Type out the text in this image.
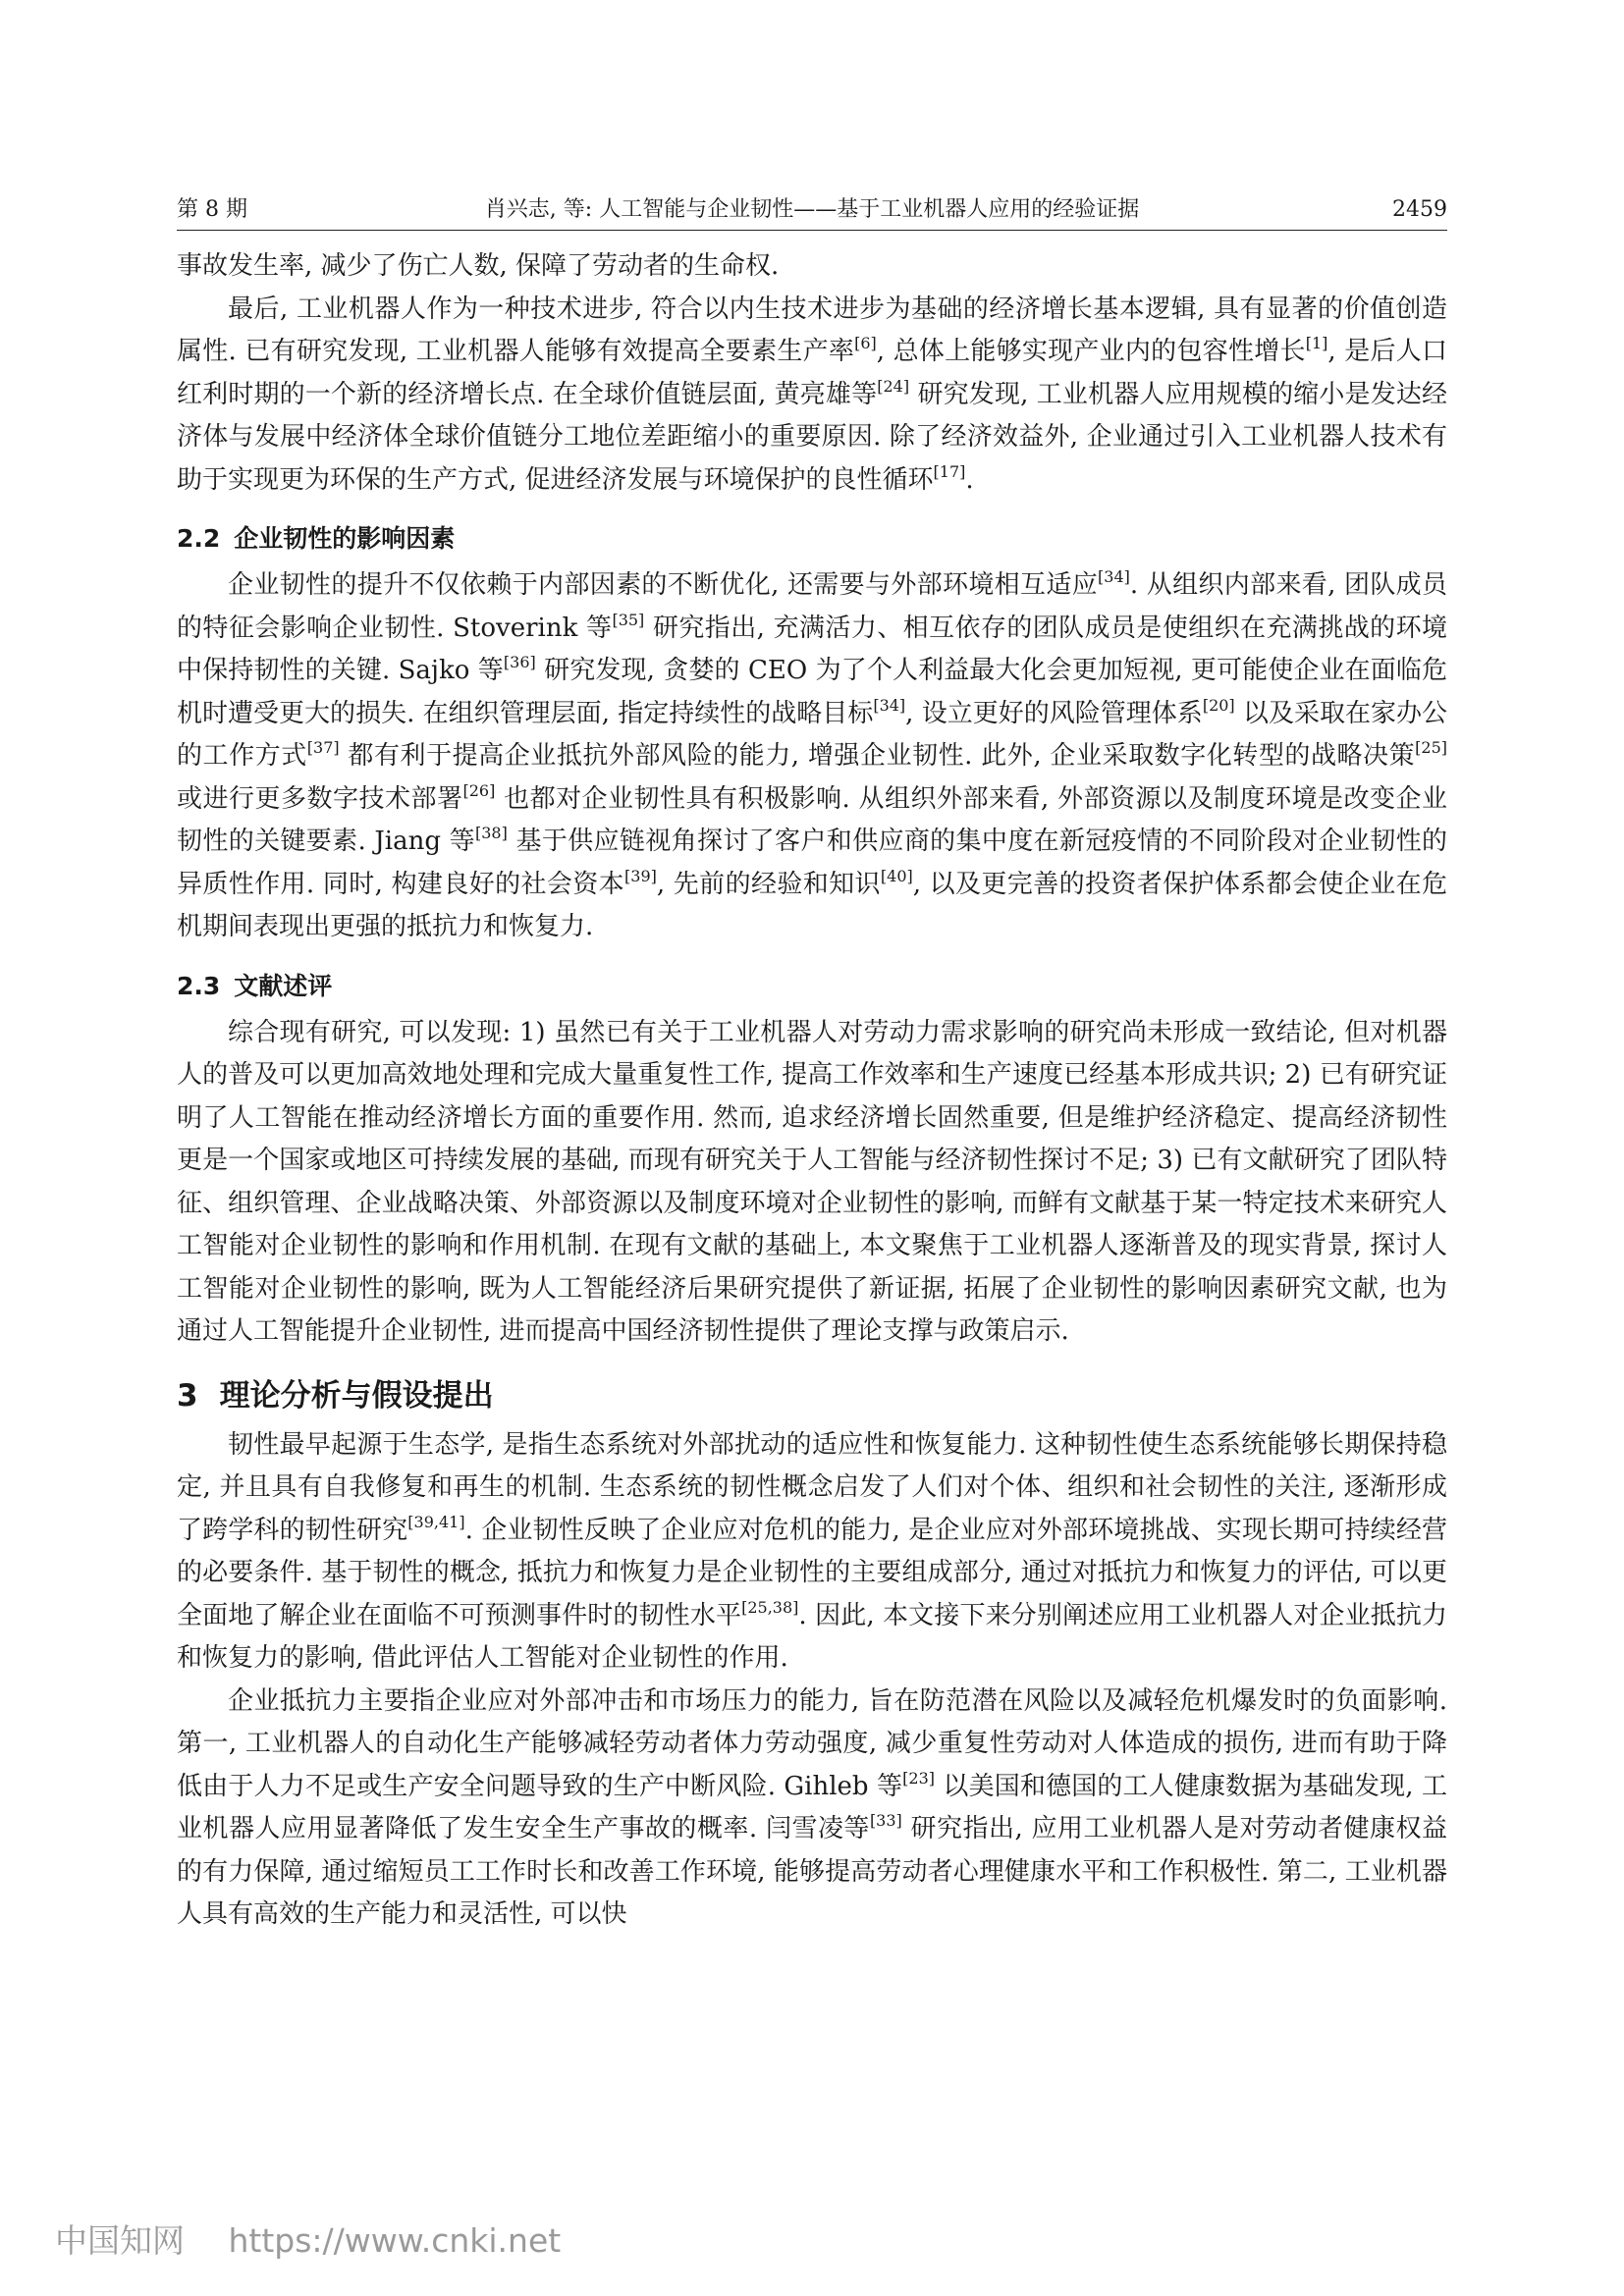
第 8 期	肖兴志, 等: 人工智能与企业韧性——基于工业机器人应用的经验证据	2459

事故发生率, 减少了伤亡人数, 保障了劳动者的生命权.

最后, 工业机器人作为一种技术进步, 符合以内生技术进步为基础的经济增长基本逻辑, 具有显著的价值创造属性. 已有研究发现, 工业机器人能够有效提高全要素生产率[6], 总体上能够实现产业内的包容性增长[1], 是后人口红利时期的一个新的经济增长点. 在全球价值链层面, 黄亮雄等[24] 研究发现, 工业机器人应用规模的缩小是发达经济体与发展中经济体全球价值链分工地位差距缩小的重要原因. 除了经济效益外, 企业通过引入工业机器人技术有助于实现更为环保的生产方式, 促进经济发展与环境保护的良性循环[17].

2.2 企业韧性的影响因素

企业韧性的提升不仅依赖于内部因素的不断优化, 还需要与外部环境相互适应[34]. 从组织内部来看, 团队成员的特征会影响企业韧性. Stoverink 等[35] 研究指出, 充满活力、相互依存的团队成员是使组织在充满挑战的环境中保持韧性的关键. Sajko 等[36] 研究发现, 贪婪的 CEO 为了个人利益最大化会更加短视, 更可能使企业在面临危机时遭受更大的损失. 在组织管理层面, 指定持续性的战略目标[34], 设立更好的风险管理体系[20] 以及采取在家办公的工作方式[37] 都有利于提高企业抵抗外部风险的能力, 增强企业韧性. 此外, 企业采取数字化转型的战略决策[25] 或进行更多数字技术部署[26] 也都对企业韧性具有积极影响. 从组织外部来看, 外部资源以及制度环境是改变企业韧性的关键要素. Jiang 等[38] 基于供应链视角探讨了客户和供应商的集中度在新冠疫情的不同阶段对企业韧性的异质性作用. 同时, 构建良好的社会资本[39], 先前的经验和知识[40], 以及更完善的投资者保护体系都会使企业在危机期间表现出更强的抵抗力和恢复力.

2.3 文献述评

综合现有研究, 可以发现: 1) 虽然已有关于工业机器人对劳动力需求影响的研究尚未形成一致结论, 但对机器人的普及可以更加高效地处理和完成大量重复性工作, 提高工作效率和生产速度已经基本形成共识; 2) 已有研究证明了人工智能在推动经济增长方面的重要作用. 然而, 追求经济增长固然重要, 但是维护经济稳定、提高经济韧性更是一个国家或地区可持续发展的基础, 而现有研究关于人工智能与经济韧性探讨不足; 3) 已有文献研究了团队特征、组织管理、企业战略决策、外部资源以及制度环境对企业韧性的影响, 而鲜有文献基于某一特定技术来研究人工智能对企业韧性的影响和作用机制. 在现有文献的基础上, 本文聚焦于工业机器人逐渐普及的现实背景, 探讨人工智能对企业韧性的影响, 既为人工智能经济后果研究提供了新证据, 拓展了企业韧性的影响因素研究文献, 也为通过人工智能提升企业韧性, 进而提高中国经济韧性提供了理论支撑与政策启示.

3 理论分析与假设提出

韧性最早起源于生态学, 是指生态系统对外部扰动的适应性和恢复能力. 这种韧性使生态系统能够长期保持稳定, 并且具有自我修复和再生的机制. 生态系统的韧性概念启发了人们对个体、组织和社会韧性的关注, 逐渐形成了跨学科的韧性研究[39,41]. 企业韧性反映了企业应对危机的能力, 是企业应对外部环境挑战、实现长期可持续经营的必要条件. 基于韧性的概念, 抵抗力和恢复力是企业韧性的主要组成部分, 通过对抵抗力和恢复力的评估, 可以更全面地了解企业在面临不可预测事件时的韧性水平[25,38]. 因此, 本文接下来分别阐述应用工业机器人对企业抵抗力和恢复力的影响, 借此评估人工智能对企业韧性的作用.

企业抵抗力主要指企业应对外部冲击和市场压力的能力, 旨在防范潜在风险以及减轻危机爆发时的负面影响. 第一, 工业机器人的自动化生产能够减轻劳动者体力劳动强度, 减少重复性劳动对人体造成的损伤, 进而有助于降低由于人力不足或生产安全问题导致的生产中断风险. Gihleb 等[23] 以美国和德国的工人健康数据为基础发现, 工业机器人应用显著降低了发生安全生产事故的概率. 闫雪凌等[33] 研究指出, 应用工业机器人是对劳动者健康权益的有力保障, 通过缩短员工工作时长和改善工作环境, 能够提高劳动者心理健康水平和工作积极性. 第二, 工业机器人具有高效的生产能力和灵活性, 可以快

中国知网 https://www.cnki.net
